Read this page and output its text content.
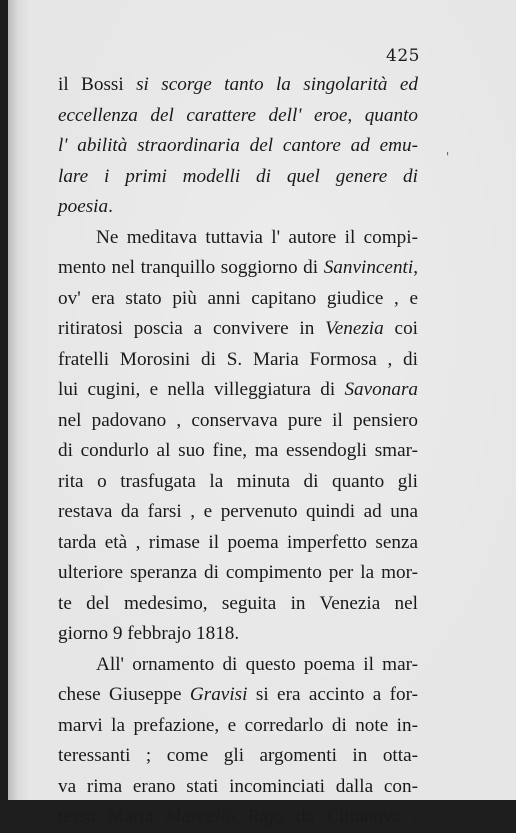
425
'
il Bossi si scorge tanto la singolarità ed
eccellenza del carattere dell' eroe, quanto
l' abilità straordinaria del cantore ad emu-
lare i primi modelli di quel genere di
poesia.
Ne meditava tuttavia l' autore il compi-
mento nel tranquillo soggiorno di Sanvincenti,
ov' era stato più anni capitano giudice , e
ritiratosi poscia a convivere in Venezia coi
fratelli Morosini di S. Maria Formosa , di
lui cugini, e nella villeggiatura di Savonara
nel padovano , conservava pure il pensiero
di condurlo al suo fine, ma essendogli smar-
rita o trasfugata la minuta di quanto gli
restava da farsi , e pervenuto quindi ad una
tarda età , rimase il poema imperfetto senza
ulteriore speranza di compimento per la mor-
te del medesimo, seguita in Venezia nel
giorno 9 febbrajo 1818.
All' ornamento di questo poema il mar-
chese Giuseppe Gravisi si era accinto a for-
marvi la prefazione, e corredarlo di note in-
teressanti ; come gli argomenti in otta-
va rima erano stati incominciati dalla con-
tessa Maria Marcello Rigo da Cittanova ,
